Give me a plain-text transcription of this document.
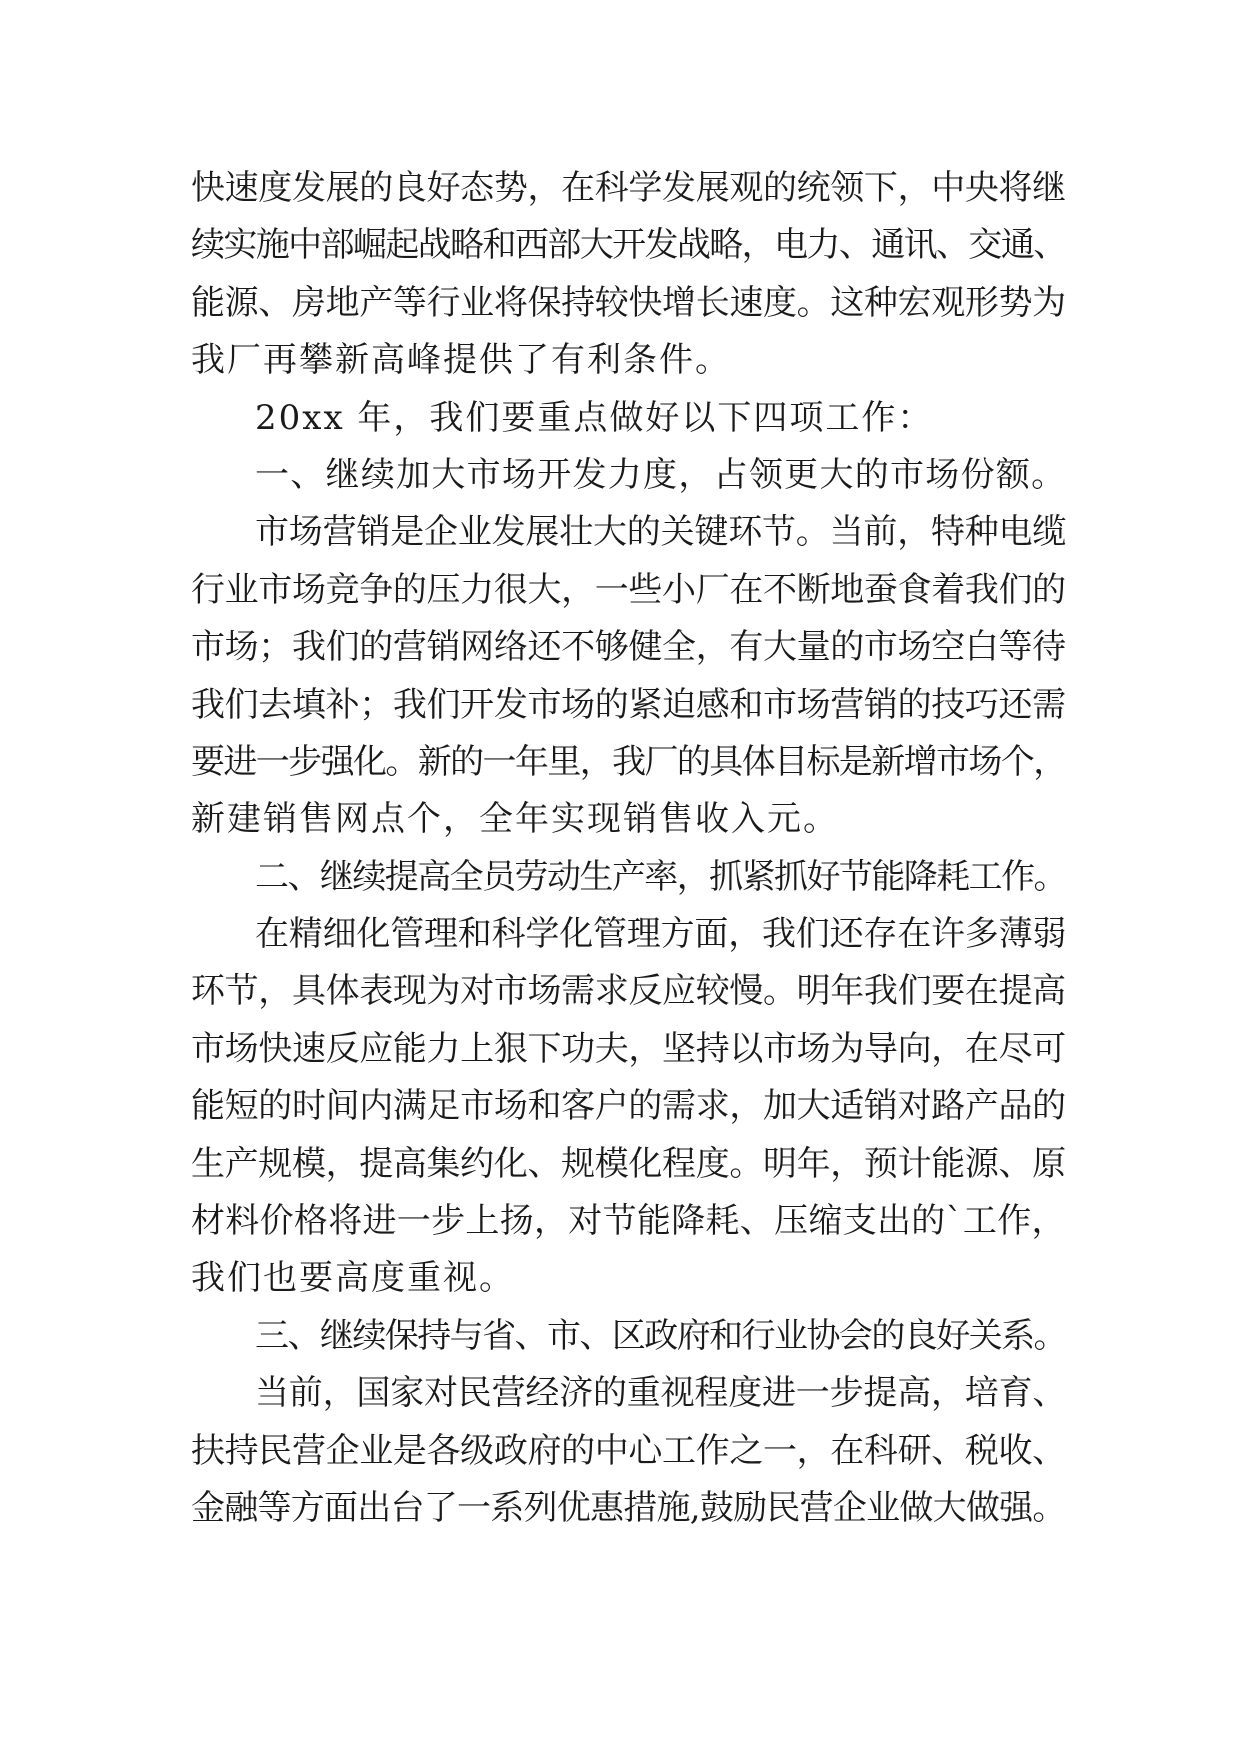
快速度发展的良好态势，在科学发展观的统领下，中央将继
续实施中部崛起战略和西部大开发战略，电力、通讯、交通、
能源、房地产等行业将保持较快增长速度。这种宏观形势为
我厂再攀新高峰提供了有利条件。
20xx 年，我们要重点做好以下四项工作：
一、继续加大市场开发力度，占领更大的市场份额。
市场营销是企业发展壮大的关键环节。当前，特种电缆
行业市场竞争的压力很大，一些小厂在不断地蚕食着我们的
市场；我们的营销网络还不够健全，有大量的市场空白等待
我们去填补；我们开发市场的紧迫感和市场营销的技巧还需
要进一步强化。新的一年里，我厂的具体目标是新增市场个，
新建销售网点个，全年实现销售收入元。
二、继续提高全员劳动生产率，抓紧抓好节能降耗工作。
在精细化管理和科学化管理方面，我们还存在许多薄弱
环节，具体表现为对市场需求反应较慢。明年我们要在提高
市场快速反应能力上狠下功夫，坚持以市场为导向，在尽可
能短的时间内满足市场和客户的需求，加大适销对路产品的
生产规模，提高集约化、规模化程度。明年，预计能源、原
材料价格将进一步上扬，对节能降耗、压缩支出的`工作，
我们也要高度重视。
三、继续保持与省、市、区政府和行业协会的良好关系。
当前，国家对民营经济的重视程度进一步提高，培育、
扶持民营企业是各级政府的中心工作之一，在科研、税收、
金融等方面出台了一系列优惠措施,鼓励民营企业做大做强。
